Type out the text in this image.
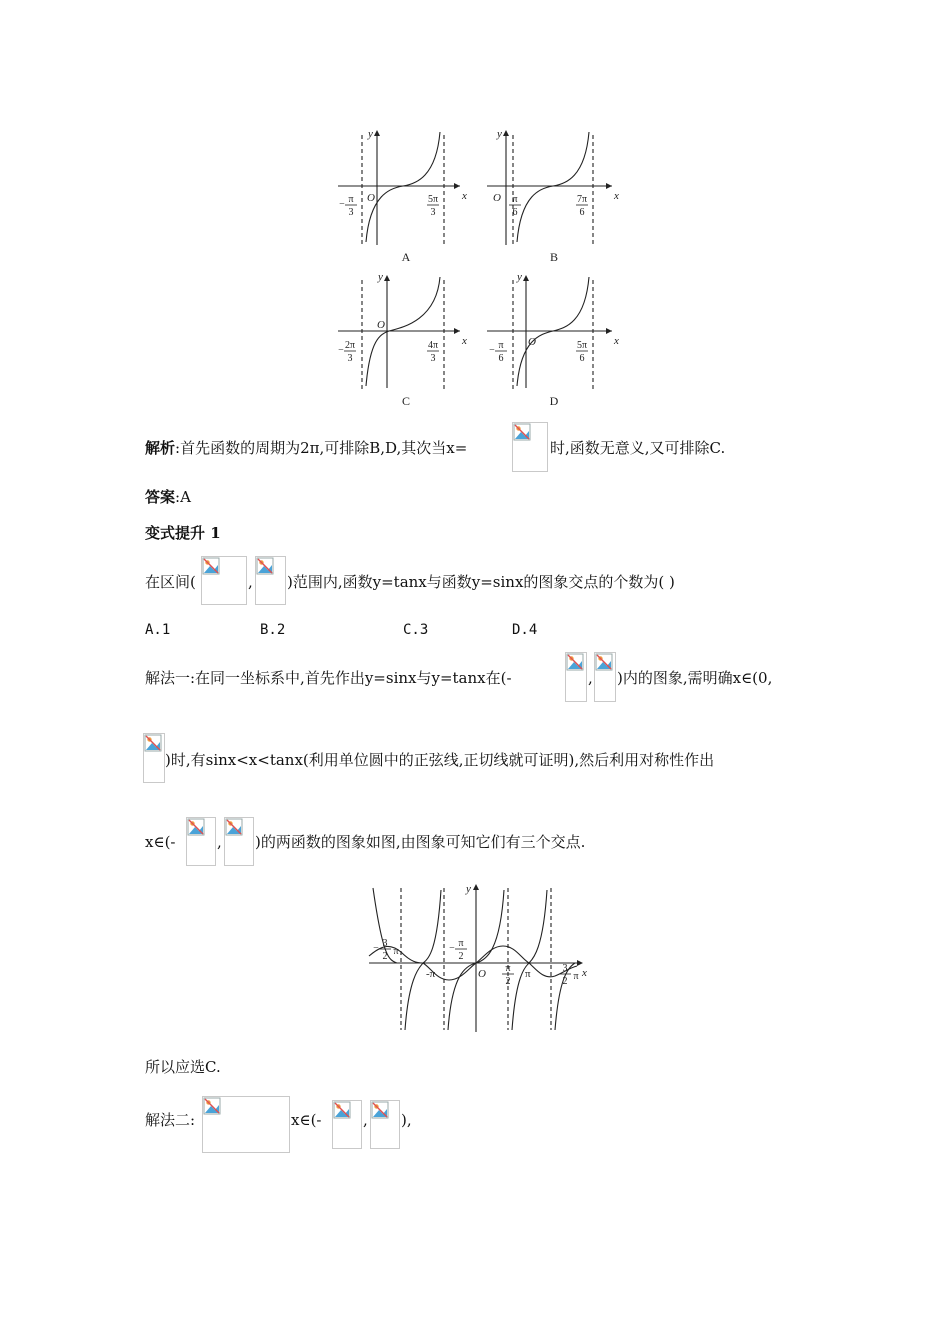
x
y
O	x
y
O
x
y
O
x
y
O
− π
3
5π
3
π
6
7π
6
− 2π
3
4π
3
− π
6
5π
6
A	B
C	D
解析:首先函数的周期为2π,可排除B,D,其次当x=	时,函数无意义,又可排除C.
答案:A
变式提升 1
在区间(	, )范围内,函数y=tanx与函数y=sinx的图象交点的个数为( )
A.1	B.2	C.3	D.4
解法一:在同一坐标系中,首先作出y=sinx与y=tanx在(-	, )内的图象,需明确x∈(0,
)时,有sinx<x<tanx(利用单位圆中的正弦线,正切线就可证明),然后利用对称性作出
x∈(-	, )的两函数的图象如图,由图象可知它们有三个交点.
-π	O	π	x
y
− 3
2 π	− π
2
π
2
3
2 π
所以应选C.
解法二:	x∈(-	, ),
